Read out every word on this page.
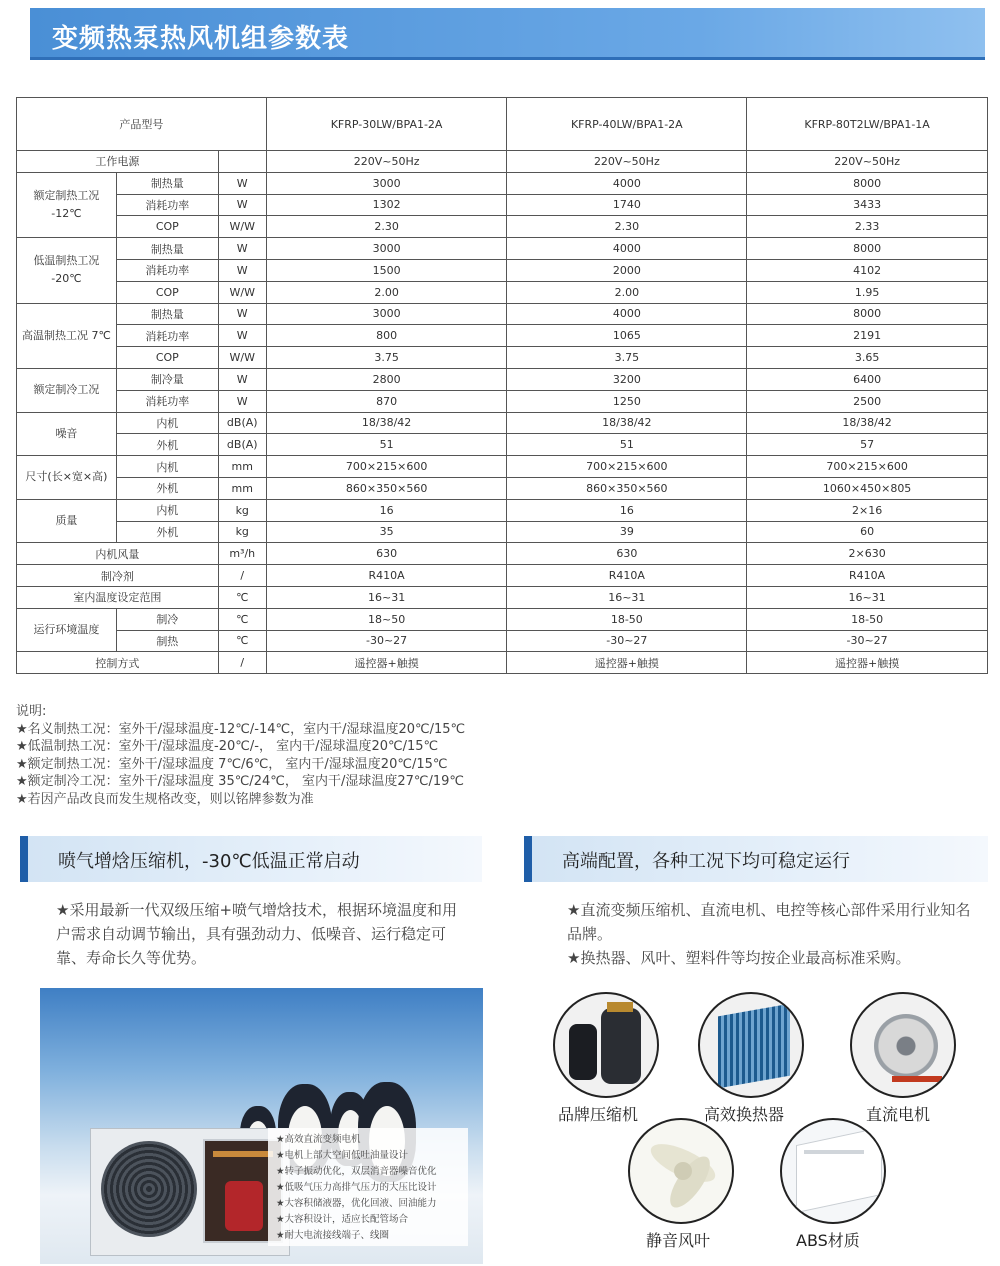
变频热泵热风机组参数表
产品型号			KFRP-30LW/BPA1-2A	KFRP-40LW/BPA1-2A	KFRP-80T2LW/BPA1-1A
工作电源			220V~50Hz	220V~50Hz	220V~50Hz
额定制热工况 -12℃	制热量	W	3000	4000	8000
	消耗功率	W	1302	1740	3433
	COP	W/W	2.30	2.30	2.33
低温制热工况 -20℃	制热量	W	3000	4000	8000
	消耗功率	W	1500	2000	4102
	COP	W/W	2.00	2.00	1.95
高温制热工况 7℃	制热量	W	3000	4000	8000
	消耗功率	W	800	1065	2191
	COP	W/W	3.75	3.75	3.65
额定制冷工况	制冷量	W	2800	3200	6400
	消耗功率	W	870	1250	2500
噪音	内机	dB(A)	18/38/42	18/38/42	18/38/42
	外机	dB(A)	51	51	57
尺寸(长×宽×高)	内机	mm	700×215×600	700×215×600	700×215×600
	外机	mm	860×350×560	860×350×560	1060×450×805
质量	内机	kg	16	16	2×16
	外机	kg	35	39	60
内机风量		m³/h	630	630	2×630
制冷剂		/	R410A	R410A	R410A
室内温度设定范围		℃	16~31	16~31	16~31
运行环境温度	制冷	℃	18~50	18-50	18-50
	制热	℃	-30~27	-30~27	-30~27
控制方式		/	遥控器+触摸	遥控器+触摸	遥控器+触摸
说明:
★名义制热工况：室外干/湿球温度-12℃/-14℃，室内干/湿球温度20℃/15℃
★低温制热工况：室外干/湿球温度-20℃/-， 室内干/湿球温度20℃/15℃
★额定制热工况：室外干/湿球温度 7℃/6℃， 室内干/湿球温度20℃/15℃
★额定制冷工况：室外干/湿球温度 35℃/24℃， 室内干/湿球温度27℃/19℃
★若因产品改良而发生规格改变，则以铭牌参数为准
喷气增焓压缩机，-30℃低温正常启动
★采用最新一代双级压缩+喷气增焓技术，根据环境温度和用户需求自动调节输出，具有强劲动力、低噪音、运行稳定可靠、寿命长久等优势。
★高效直流变频电机
★电机上部大空间低吐油量设计
★转子振动优化，双层消音器噪音优化
★低吸气压力高排气压力的大压比设计
★大容积储液器，优化回液、回油能力
★大容积设计，适应长配管场合
★耐大电流接线端子、线圈
高端配置，各种工况下均可稳定运行
★直流变频压缩机、直流电机、电控等核心部件采用行业知名品牌。
★换热器、风叶、塑料件等均按企业最高标准采购。
品牌压缩机	高效换热器	直流电机
静音风叶	ABS材质
